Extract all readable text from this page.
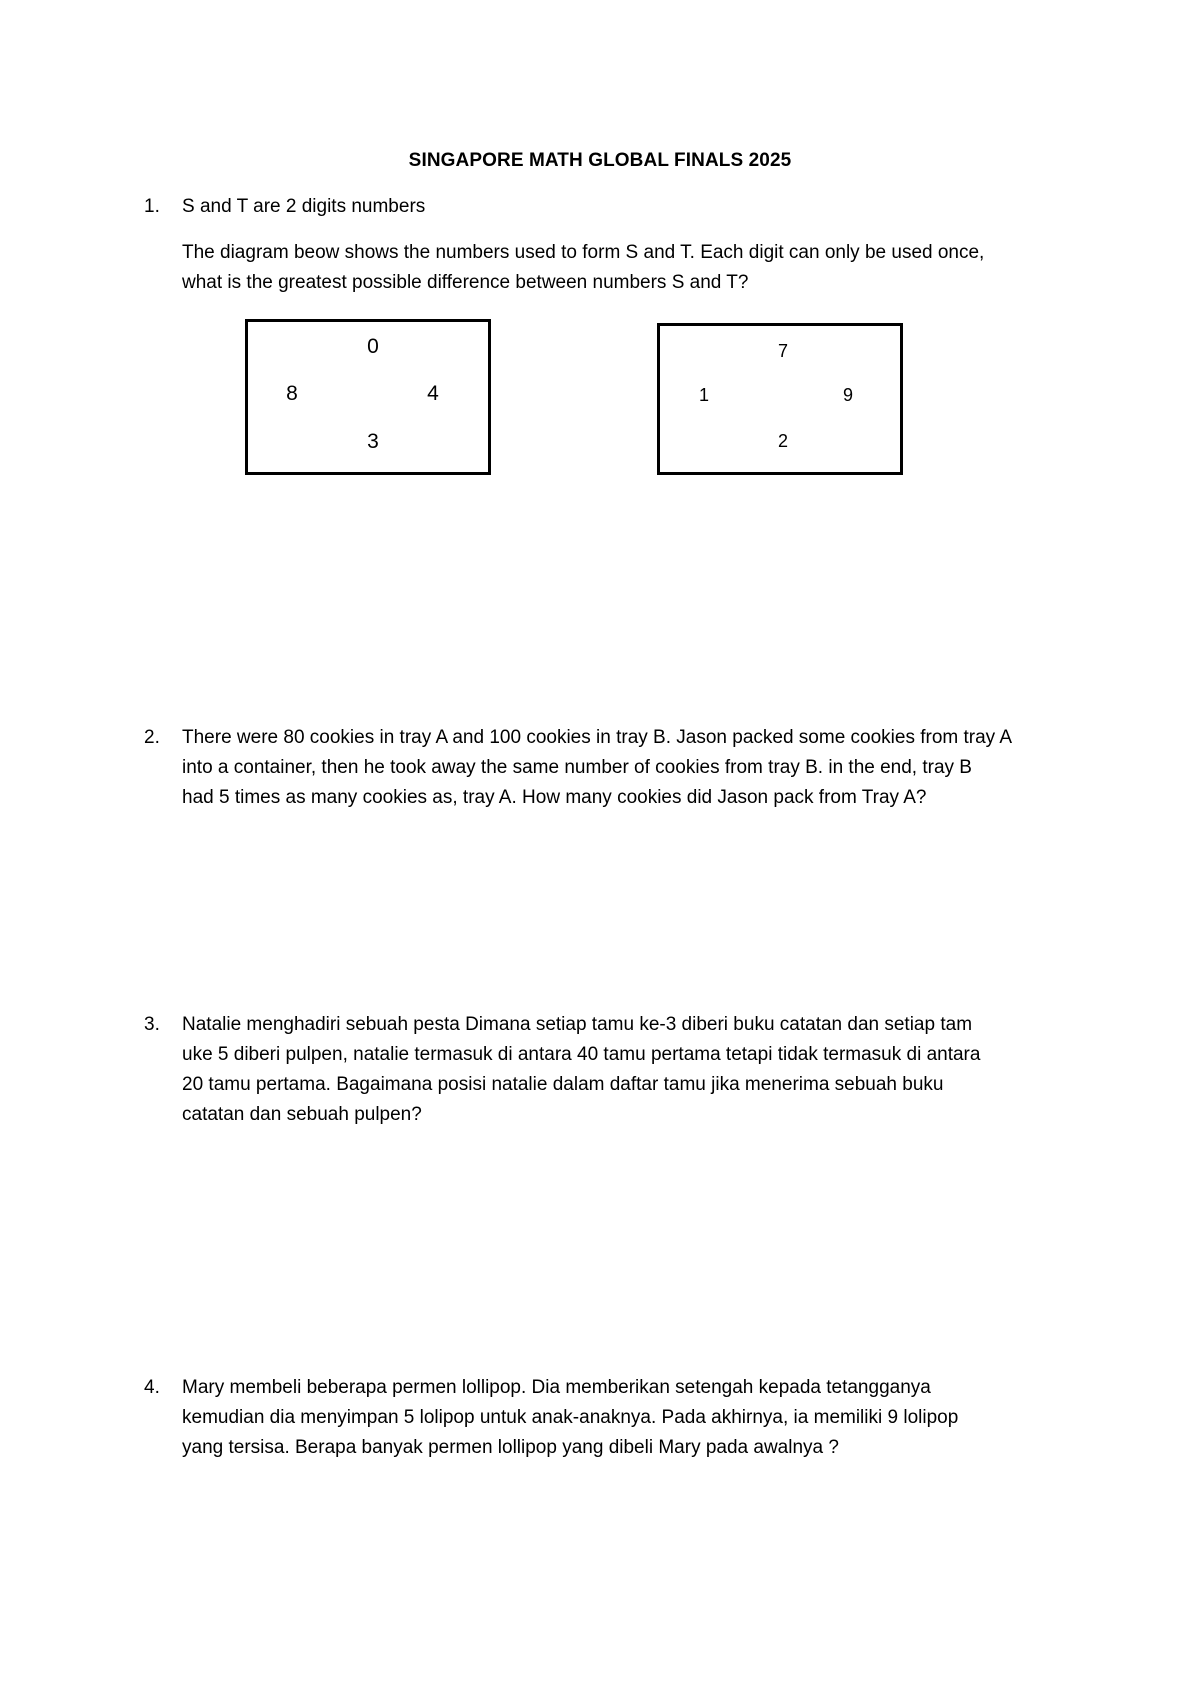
SINGAPORE MATH GLOBAL FINALS 2025
1.	S and T are 2 digits numbers

The diagram beow shows the numbers used to form S and T. Each digit can only be used once,

what is the greatest possible difference between numbers S and T?

0
8	4
3
7
1	9
2
2.	There were 80 cookies in tray A and 100 cookies in tray B. Jason packed some cookies from tray A

into a container, then he took away the same number of cookies from tray B. in the end, tray B

had 5 times as many cookies as, tray A. How many cookies did Jason pack from Tray A?

3.	Natalie menghadiri sebuah pesta Dimana setiap tamu ke-3 diberi buku catatan dan setiap tam

uke 5 diberi pulpen, natalie termasuk di antara 40 tamu pertama tetapi tidak termasuk di antara

20 tamu pertama. Bagaimana posisi natalie dalam daftar tamu jika menerima sebuah buku

catatan dan sebuah pulpen?

4.	Mary membeli beberapa permen lollipop. Dia memberikan setengah kepada tetangganya

kemudian dia menyimpan 5 lolipop untuk anak-anaknya. Pada akhirnya, ia memiliki 9 lolipop

yang tersisa. Berapa banyak permen lollipop yang dibeli Mary pada awalnya ?
